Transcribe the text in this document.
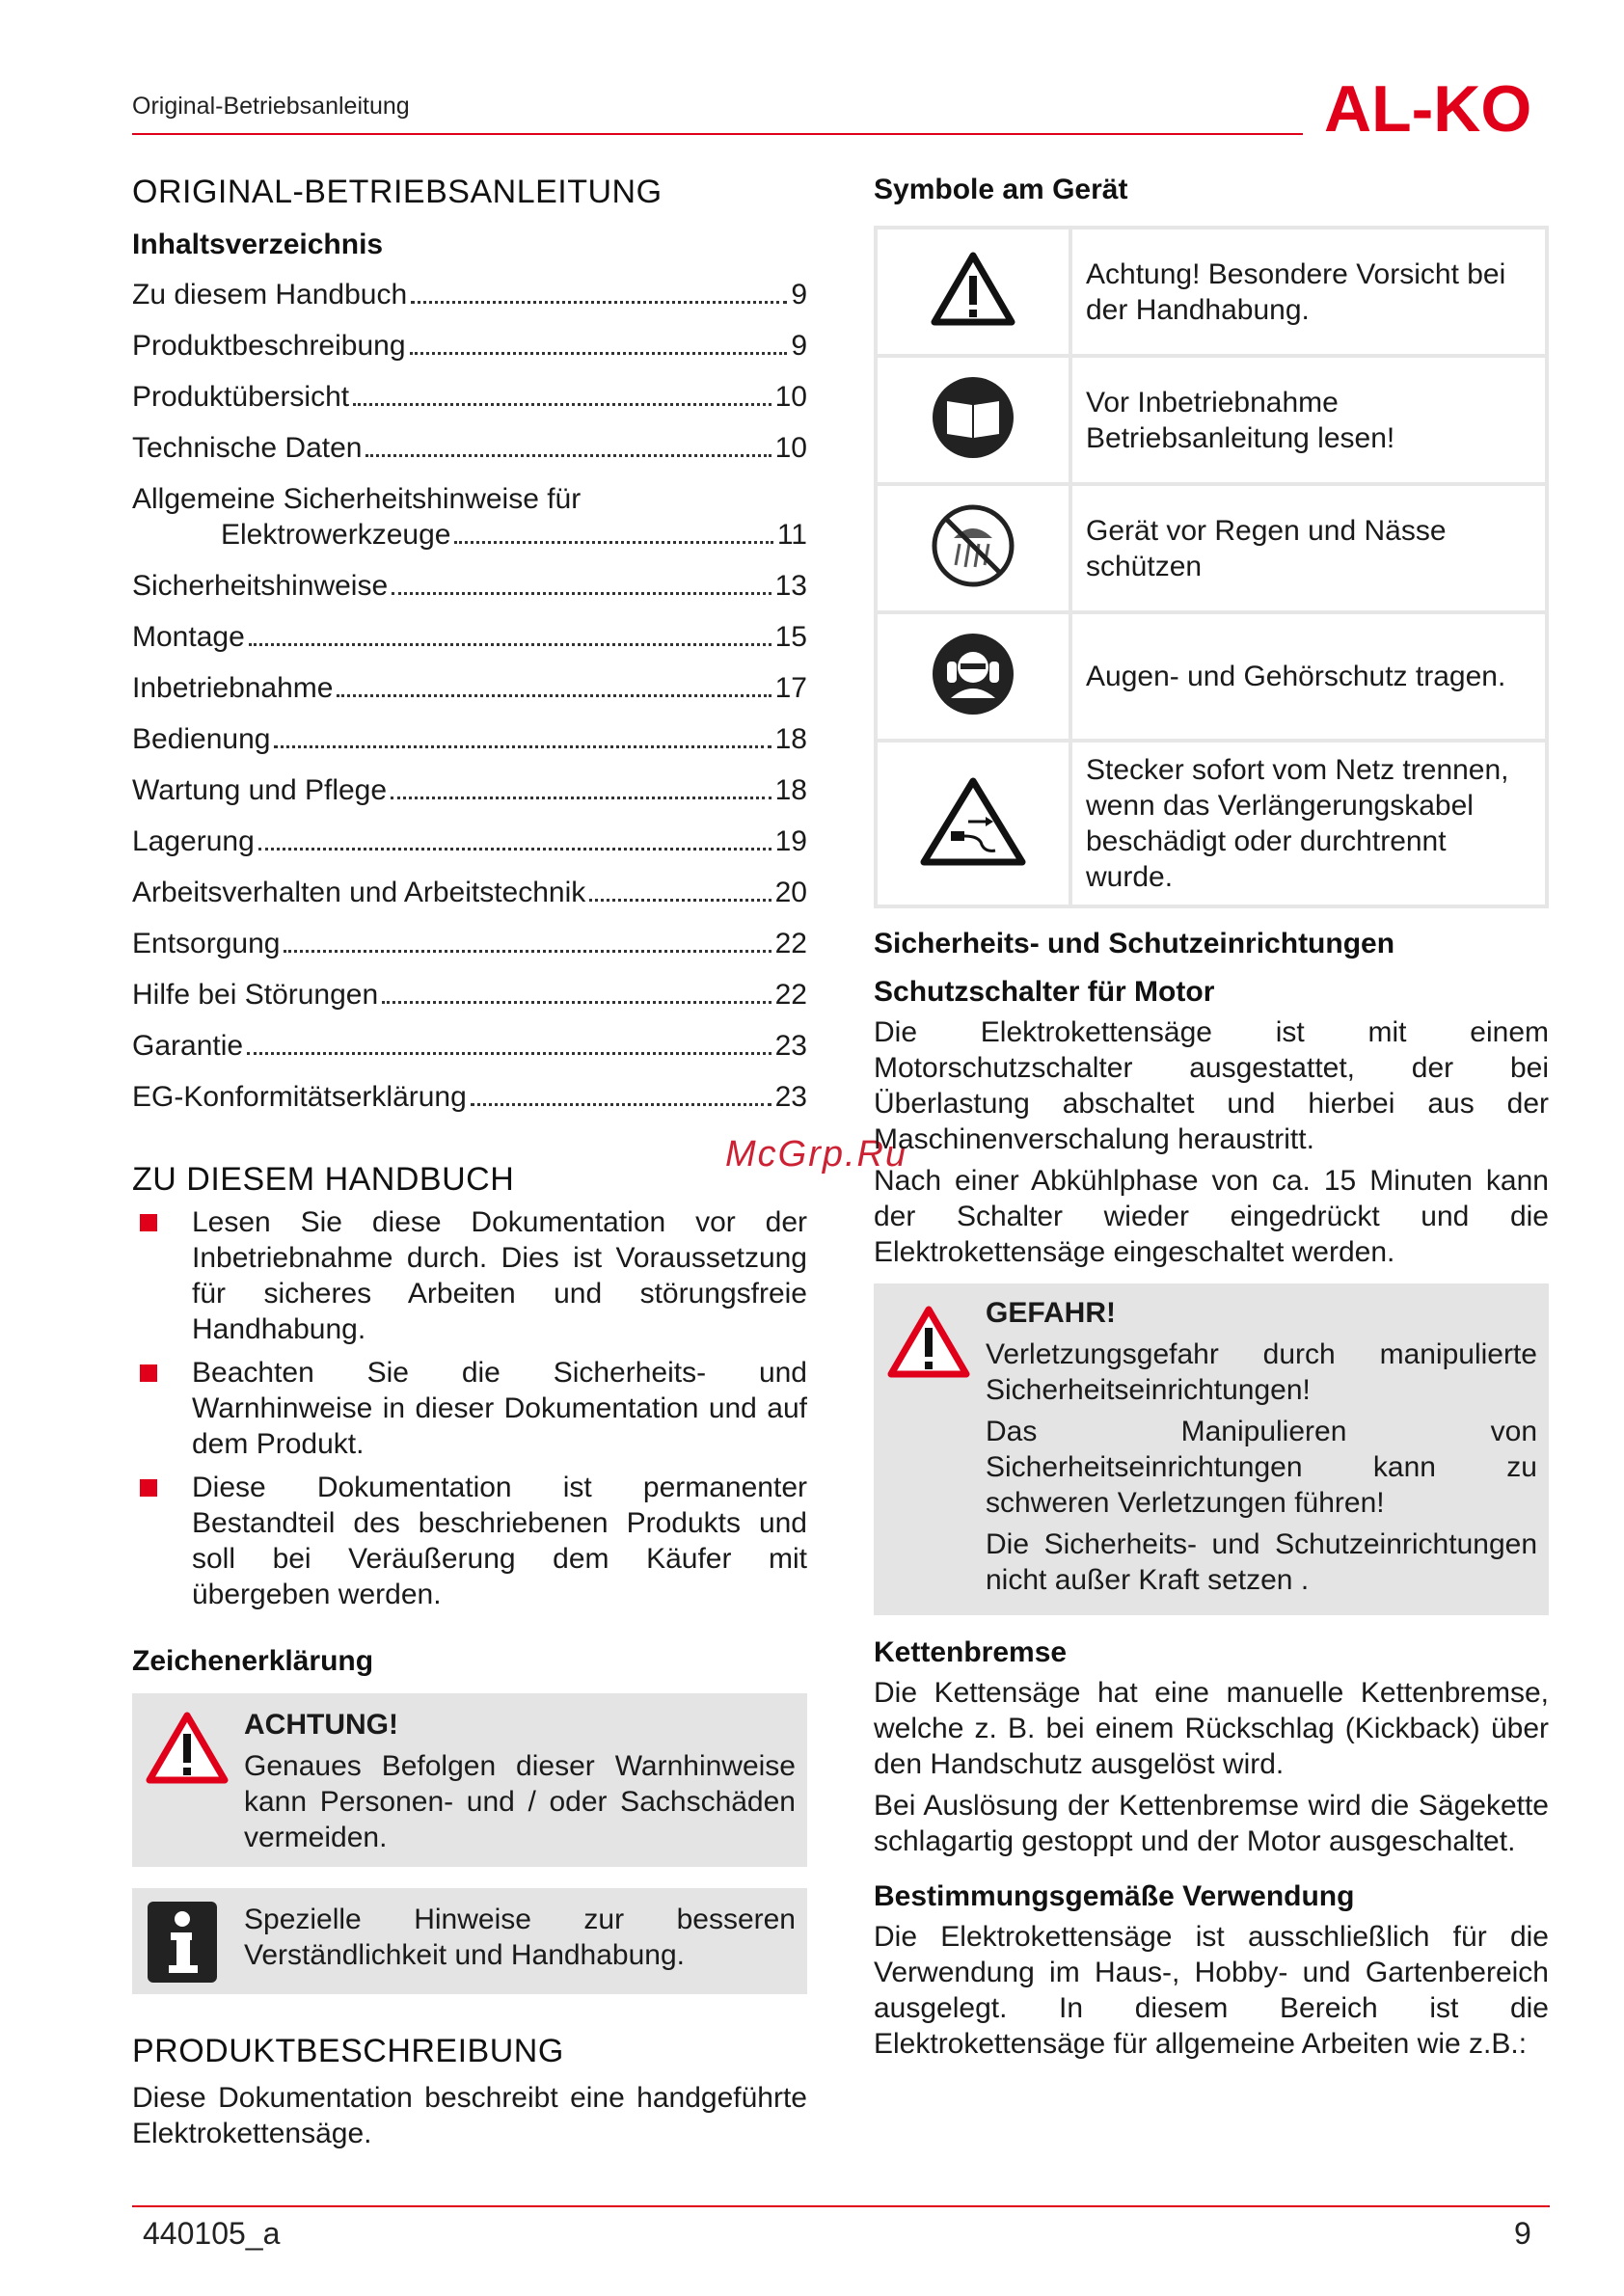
Original-Betriebsanleitung	AL-KO
McGrp.Ru
ORIGINAL-BETRIEBSANLEITUNG
Inhaltsverzeichnis
Zu diesem Handbuch	9
Produktbeschreibung	9
Produktübersicht	10
Technische Daten	10
Allgemeine Sicherheitshinweise für
Elektrowerkzeuge	11
Sicherheitshinweise	13
Montage	15
Inbetriebnahme	17
Bedienung	18
Wartung und Pflege	18
Lagerung	19
Arbeitsverhalten und Arbeitstechnik	20
Entsorgung	22
Hilfe bei Störungen	22
Garantie	23
EG-Konformitätserklärung	23
ZU DIESEM HANDBUCH
Lesen Sie diese Dokumentation vor der Inbetriebnahme durch. Dies ist Voraussetzung für sicheres Arbeiten und störungsfreie Handhabung.
Beachten Sie die Sicherheits- und Warnhinweise in dieser Dokumentation und auf dem Produkt.
Diese Dokumentation ist permanenter Bestandteil des beschriebenen Produkts und soll bei Veräußerung dem Käufer mit übergeben werden.
Zeichenerklärung
ACHTUNG!
Genaues Befolgen dieser Warnhinweise kann Personen- und / oder Sachschäden vermeiden.
Spezielle Hinweise zur besseren Verständlichkeit und Handhabung.
PRODUKTBESCHREIBUNG
Diese Dokumentation beschreibt eine handgeführte Elektrokettensäge.
Symbole am Gerät
	Achtung! Besondere Vorsicht bei der Handhabung.
	Vor Inbetriebnahme Betriebsanleitung lesen!
	Gerät vor Regen und Nässe schützen
	Augen- und Gehörschutz tragen.
	Stecker sofort vom Netz trennen, wenn das Verlängerungskabel beschädigt oder durchtrennt wurde.
Sicherheits- und Schutzeinrichtungen
Schutzschalter für Motor
Die Elektrokettensäge ist mit einem Motorschutzschalter ausgestattet, der bei Überlastung abschaltet und hierbei aus der Maschinenverschalung heraustritt.
Nach einer Abkühlphase von ca. 15 Minuten kann der Schalter wieder eingedrückt und die Elektrokettensäge eingeschaltet werden.
GEFAHR!
Verletzungsgefahr durch manipulierte Sicherheitseinrichtungen!
Das Manipulieren von Sicherheitseinrichtungen kann zu schweren Verletzungen führen!
Die Sicherheits- und Schutzeinrichtungen nicht außer Kraft setzen .
Kettenbremse
Die Kettensäge hat eine manuelle Kettenbremse, welche z. B. bei einem Rückschlag (Kickback) über den Handschutz ausgelöst wird.
Bei Auslösung der Kettenbremse wird die Sägekette schlagartig gestoppt und der Motor ausgeschaltet.
Bestimmungsgemäße Verwendung
Die Elektrokettensäge ist ausschließlich für die Verwendung im Haus-, Hobby- und Gartenbereich ausgelegt. In diesem Bereich ist die Elektrokettensäge für allgemeine Arbeiten wie z.B.:
440105_a	9
